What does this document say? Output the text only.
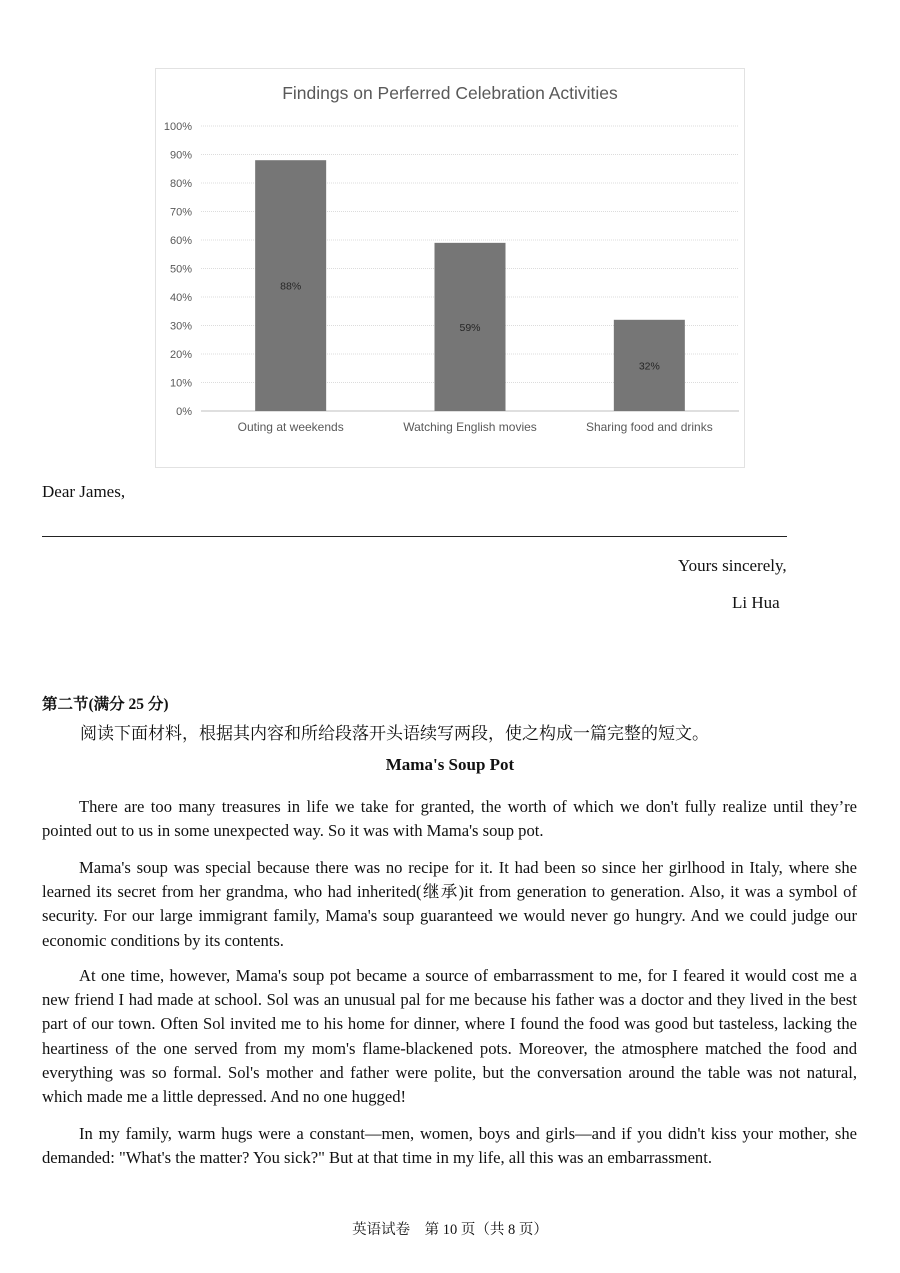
Findings on Perferred Celebration Activities
0%
10%
20%
30%
40%
50%
60%
70%
80%
90%
100%
88%
Outing at weekends
59%
Watching English movies
32%
Sharing food and drinks
Dear James,
Yours sincerely,
Li Hua
第二节(满分 25 分)
阅读下面材料，根据其内容和所给段落开头语续写两段，使之构成一篇完整的短文。
Mama's Soup Pot

There are too many treasures in life we take for granted, the worth of which we don't fully realize until they’re pointed out to us in some unexpected way. So it was with Mama's soup pot.

Mama's soup was special because there was no recipe for it. It had been so since her girlhood in Italy, where she learned its secret from her grandma, who had inherited(继承)it from generation to generation. Also, it was a symbol of security. For our large immigrant family, Mama's soup guaranteed we would never go hungry. And we could judge our economic conditions by its contents.

At one time, however, Mama's soup pot became a source of embarrassment to me, for I feared it would cost me a new friend I had made at school. Sol was an unusual pal for me because his father was a doctor and they lived in the best part of our town. Often Sol invited me to his home for dinner, where I found the food was good but tasteless, lacking the heartiness of the one served from my mom's flame-blackened pots. Moreover, the atmosphere matched the food and everything was so formal. Sol's mother and father were polite, but the conversation around the table was not natural, which made me a little depressed. And no one hugged!

In my family, warm hugs were a constant—men, women, boys and girls—and if you didn't kiss your mother, she demanded: "What's the matter? You sick?" But at that time in my life, all this was an embarrassment.

英语试卷　第 10 页（共 8 页）
